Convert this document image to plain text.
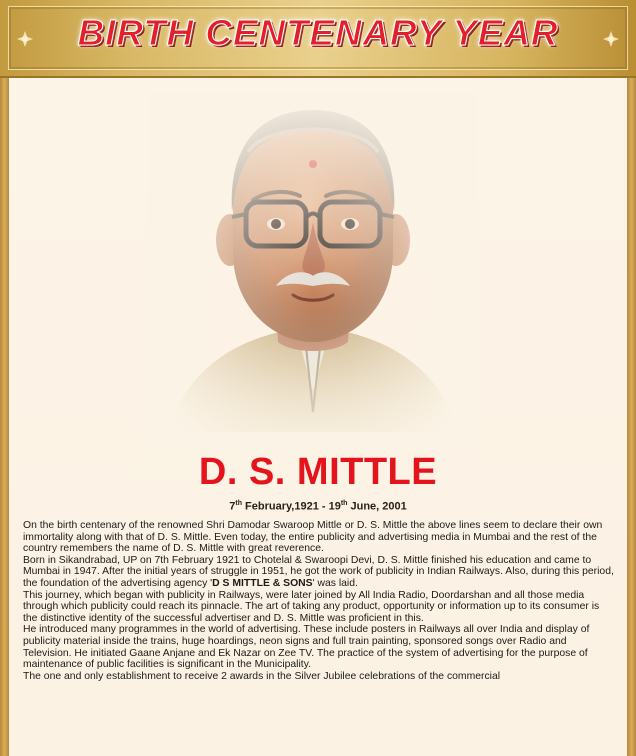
BIRTH CENTENARY YEAR
D. S. MITTLE
7th February,1921 - 19th June, 2001

On the birth centenary of the renowned Shri Damodar Swaroop Mittle or D. S. Mittle the above lines seem to declare their own immortality along with that of D. S. Mittle. Even today, the entire publicity and advertising media in Mumbai and the rest of the country remembers the name of D. S. Mittle with great reverence.

Born in Sikandrabad, UP on 7th February 1921 to Chotelal & Swaroopi Devi, D. S. Mittle finished his education and came to Mumbai in 1947. After the initial years of struggle in 1951, he got the work of publicity in Indian Railways. Also, during this period, the foundation of the advertising agency 'D S MITTLE & SONS' was laid.

This journey, which began with publicity in Railways, were later joined by All India Radio, Doordarshan and all those media through which publicity could reach its pinnacle. The art of taking any product, opportunity or information up to its consumer is the distinctive identity of the successful advertiser and D. S. Mittle was proficient in this.

He introduced many programmes in the world of advertising. These include posters in Railways all over India and display of publicity material inside the trains, huge hoardings, neon signs and full train painting, sponsored songs over Radio and Television. He initiated Gaane Anjane and Ek Nazar on Zee TV. The practice of the system of advertising for the purpose of maintenance of public facilities is significant in the Municipality.

The one and only establishment to receive 2 awards in the Silver Jubilee celebrations of the commercial
